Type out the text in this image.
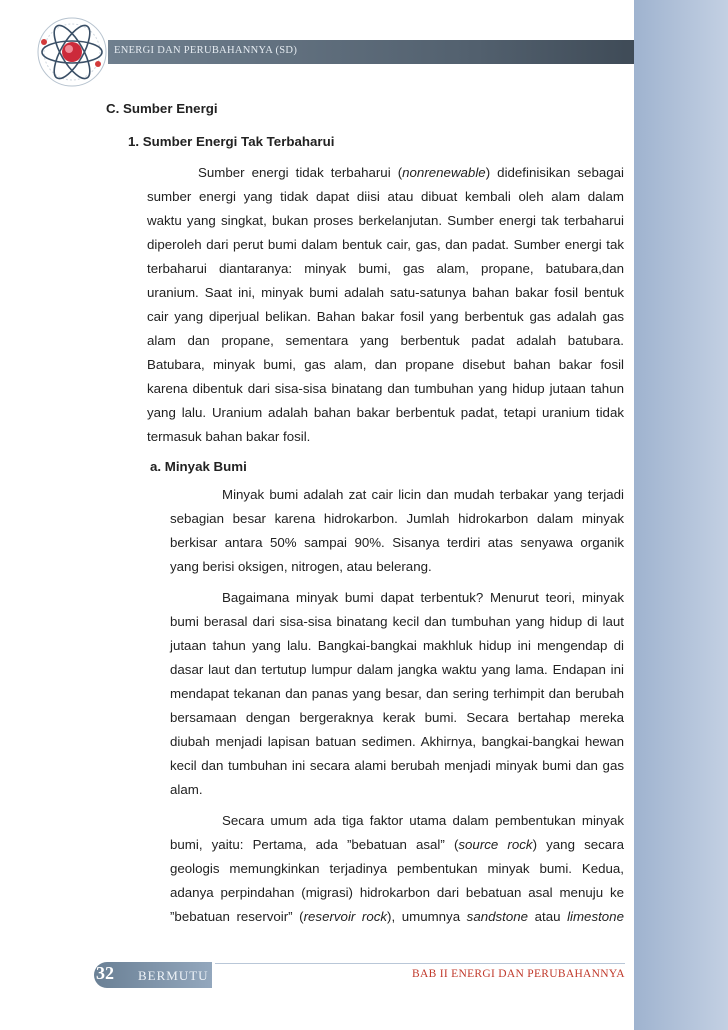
ENERGI DAN PERUBAHANNYA (SD)
C. Sumber Energi
1. Sumber Energi Tak Terbaharui
Sumber energi tidak terbaharui (nonrenewable) didefinisikan sebagai
sumber energi yang tidak dapat diisi atau dibuat kembali oleh alam dalam
waktu yang singkat, bukan proses berkelanjutan. Sumber energi tak terbaharui
diperoleh dari perut bumi dalam bentuk cair, gas, dan padat. Sumber energi tak
terbaharui diantaranya: minyak bumi, gas alam, propane, batubara,dan
uranium. Saat ini, minyak bumi adalah satu-satunya bahan bakar fosil bentuk
cair yang diperjual belikan. Bahan bakar fosil yang berbentuk gas adalah gas
alam dan propane, sementara yang berbentuk padat adalah batubara.
Batubara, minyak bumi, gas alam, dan propane disebut bahan bakar fosil
karena dibentuk dari sisa-sisa binatang dan tumbuhan yang hidup jutaan tahun
yang lalu. Uranium adalah bahan bakar berbentuk padat, tetapi uranium tidak
termasuk bahan bakar fosil.
a. Minyak Bumi
Minyak bumi adalah zat cair licin dan mudah terbakar yang terjadi
sebagian besar karena hidrokarbon. Jumlah hidrokarbon dalam minyak
berkisar antara 50% sampai 90%. Sisanya terdiri atas senyawa organik
yang berisi oksigen, nitrogen, atau belerang.
Bagaimana minyak bumi dapat terbentuk? Menurut teori, minyak
bumi berasal dari sisa-sisa binatang kecil dan tumbuhan yang hidup di laut
jutaan tahun yang lalu. Bangkai-bangkai makhluk hidup ini mengendap di
dasar laut dan tertutup lumpur dalam jangka waktu yang lama. Endapan ini
mendapat tekanan dan panas yang besar, dan sering terhimpit dan berubah
bersamaan dengan bergeraknya kerak bumi. Secara bertahap mereka
diubah menjadi lapisan batuan sedimen. Akhirnya, bangkai-bangkai hewan
kecil dan tumbuhan ini secara alami berubah menjadi minyak bumi dan gas
alam.
Secara umum ada tiga faktor utama dalam pembentukan minyak
bumi, yaitu: Pertama, ada ”bebatuan asal” (source rock) yang secara
geologis memungkinkan terjadinya pembentukan minyak bumi. Kedua,
adanya perpindahan (migrasi) hidrokarbon dari bebatuan asal menuju ke
”bebatuan reservoir” (reservoir rock), umumnya sandstone atau limestone
32 BERMUTU	BAB II ENERGI DAN PERUBAHANNYA
